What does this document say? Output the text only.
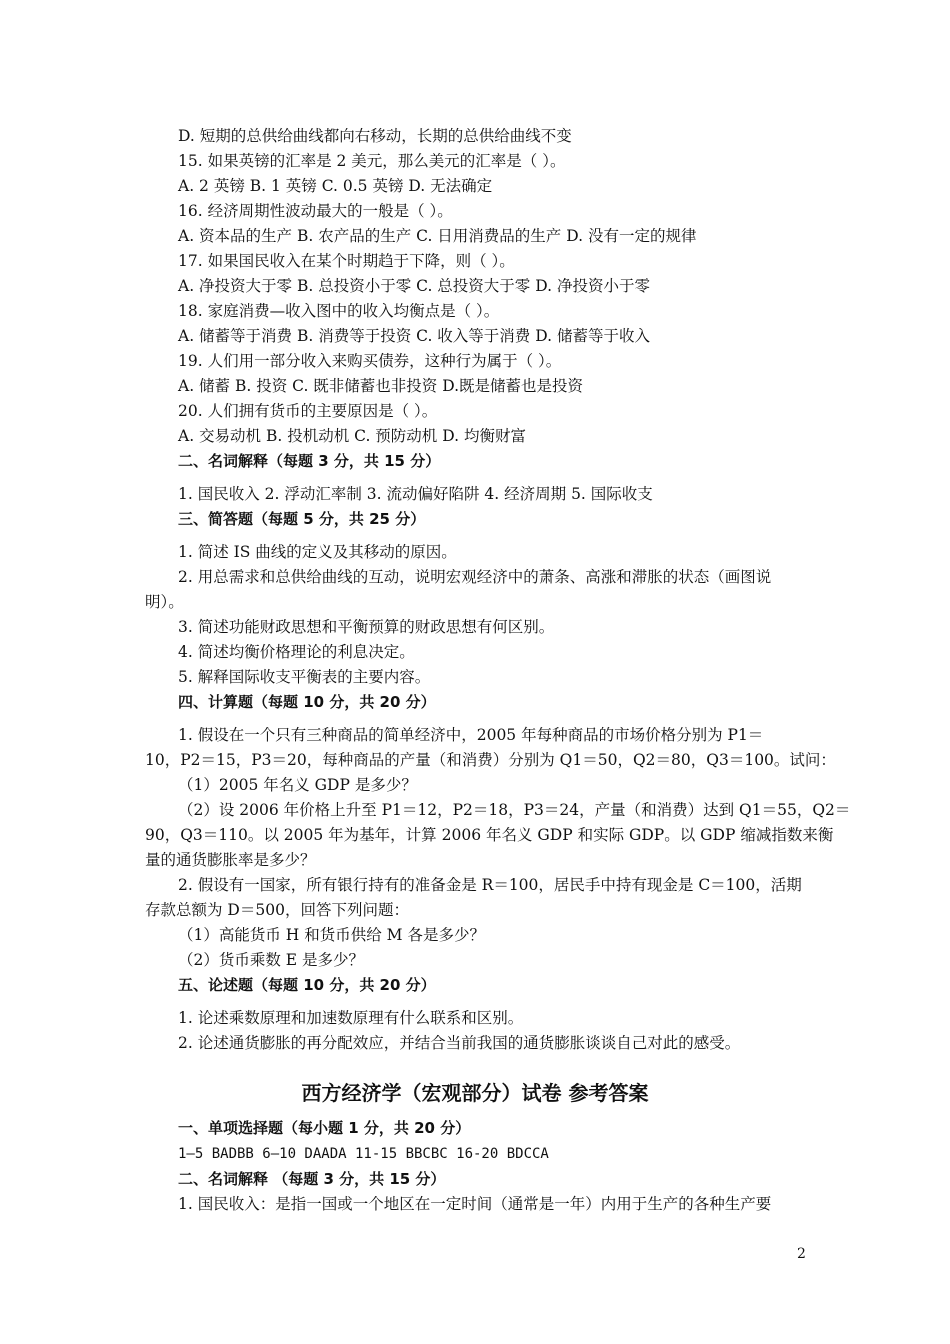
D. 短期的总供给曲线都向右移动，长期的总供给曲线不变
15. 如果英镑的汇率是 2 美元，那么美元的汇率是（ ）。
A. 2 英镑 B. 1 英镑 C. 0.5 英镑 D. 无法确定
16. 经济周期性波动最大的一般是（ ）。
A. 资本品的生产 B. 农产品的生产 C. 日用消费品的生产 D. 没有一定的规律
17. 如果国民收入在某个时期趋于下降，则（ ）。
A. 净投资大于零 B. 总投资小于零 C. 总投资大于零 D. 净投资小于零
18. 家庭消费—收入图中的收入均衡点是（ ）。
A. 储蓄等于消费 B. 消费等于投资 C. 收入等于消费 D. 储蓄等于收入
19. 人们用一部分收入来购买债券，这种行为属于（ ）。
A. 储蓄 B. 投资 C. 既非储蓄也非投资 D.既是储蓄也是投资
20. 人们拥有货币的主要原因是（ ）。
A. 交易动机 B. 投机动机 C. 预防动机 D. 均衡财富
二、名词解释（每题 3 分，共 15 分）
1. 国民收入 2. 浮动汇率制 3. 流动偏好陷阱 4. 经济周期 5. 国际收支
三、简答题（每题 5 分，共 25 分）
1. 简述 IS 曲线的定义及其移动的原因。
2. 用总需求和总供给曲线的互动，说明宏观经济中的萧条、高涨和滞胀的状态（画图说
明）。
3. 简述功能财政思想和平衡预算的财政思想有何区别。
4. 简述均衡价格理论的利息决定。
5. 解释国际收支平衡表的主要内容。
四、计算题（每题 10 分，共 20 分）
1. 假设在一个只有三种商品的简单经济中，2005 年每种商品的市场价格分别为 P1＝
10，P2＝15，P3＝20，每种商品的产量（和消费）分别为 Q1＝50，Q2＝80，Q3＝100。试问：
（1）2005 年名义 GDP 是多少？
（2）设 2006 年价格上升至 P1＝12，P2＝18，P3＝24，产量（和消费）达到 Q1＝55，Q2＝
90，Q3＝110。以 2005 年为基年，计算 2006 年名义 GDP 和实际 GDP。以 GDP 缩减指数来衡
量的通货膨胀率是多少？
2. 假设有一国家，所有银行持有的准备金是 R＝100，居民手中持有现金是 C＝100，活期
存款总额为 D＝500，回答下列问题：
（1）高能货币 H 和货币供给 M 各是多少？
（2）货币乘数 E 是多少？
五、论述题（每题 10 分，共 20 分）
1. 论述乘数原理和加速数原理有什么联系和区别。
2. 论述通货膨胀的再分配效应，并结合当前我国的通货膨胀谈谈自己对此的感受。
西方经济学（宏观部分）试卷 参考答案
一、单项选择题（每小题 1 分，共 20 分）
1—5 BADBB 6—10 DAADA 11-15 BBCBC 16-20 BDCCA
二、名词解释 （每题 3 分，共 15 分）
1. 国民收入：是指一国或一个地区在一定时间（通常是一年）内用于生产的各种生产要
2
